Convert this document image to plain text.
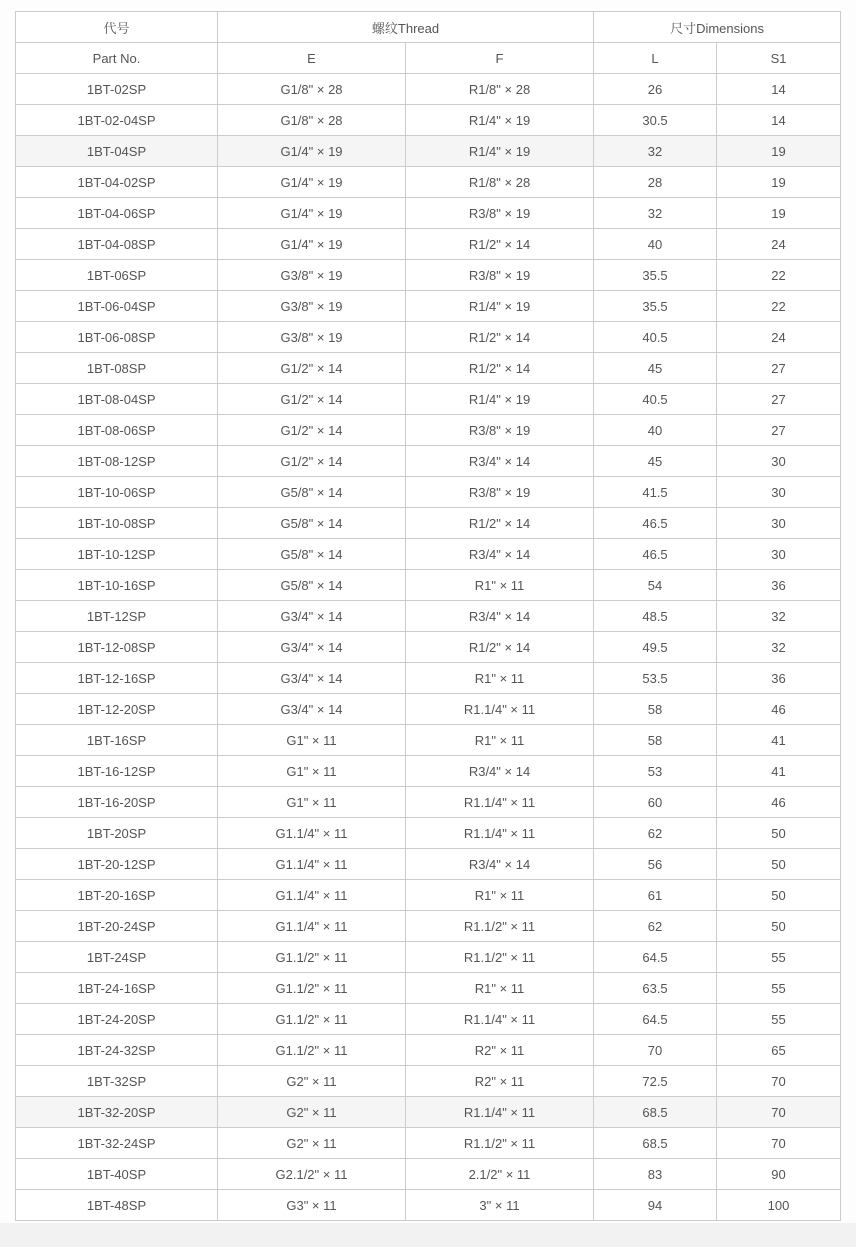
代号	螺纹Thread		尺寸Dimensions	
Part No.	E	F	L	S1
1BT-02SP	G1/8" × 28	R1/8" × 28	26	14
1BT-02-04SP	G1/8" × 28	R1/4" × 19	30.5	14
1BT-04SP	G1/4" × 19	R1/4" × 19	32	19
1BT-04-02SP	G1/4" × 19	R1/8" × 28	28	19
1BT-04-06SP	G1/4" × 19	R3/8" × 19	32	19
1BT-04-08SP	G1/4" × 19	R1/2" × 14	40	24
1BT-06SP	G3/8" × 19	R3/8" × 19	35.5	22
1BT-06-04SP	G3/8" × 19	R1/4" × 19	35.5	22
1BT-06-08SP	G3/8" × 19	R1/2" × 14	40.5	24
1BT-08SP	G1/2" × 14	R1/2" × 14	45	27
1BT-08-04SP	G1/2" × 14	R1/4" × 19	40.5	27
1BT-08-06SP	G1/2" × 14	R3/8" × 19	40	27
1BT-08-12SP	G1/2" × 14	R3/4" × 14	45	30
1BT-10-06SP	G5/8" × 14	R3/8" × 19	41.5	30
1BT-10-08SP	G5/8" × 14	R1/2" × 14	46.5	30
1BT-10-12SP	G5/8" × 14	R3/4" × 14	46.5	30
1BT-10-16SP	G5/8" × 14	R1" × 11	54	36
1BT-12SP	G3/4" × 14	R3/4" × 14	48.5	32
1BT-12-08SP	G3/4" × 14	R1/2" × 14	49.5	32
1BT-12-16SP	G3/4" × 14	R1" × 11	53.5	36
1BT-12-20SP	G3/4" × 14	R1.1/4" × 11	58	46
1BT-16SP	G1" × 11	R1" × 11	58	41
1BT-16-12SP	G1" × 11	R3/4" × 14	53	41
1BT-16-20SP	G1" × 11	R1.1/4" × 11	60	46
1BT-20SP	G1.1/4" × 11	R1.1/4" × 11	62	50
1BT-20-12SP	G1.1/4" × 11	R3/4" × 14	56	50
1BT-20-16SP	G1.1/4" × 11	R1" × 11	61	50
1BT-20-24SP	G1.1/4" × 11	R1.1/2" × 11	62	50
1BT-24SP	G1.1/2" × 11	R1.1/2" × 11	64.5	55
1BT-24-16SP	G1.1/2" × 11	R1" × 11	63.5	55
1BT-24-20SP	G1.1/2" × 11	R1.1/4" × 11	64.5	55
1BT-24-32SP	G1.1/2" × 11	R2" × 11	70	65
1BT-32SP	G2" × 11	R2" × 11	72.5	70
1BT-32-20SP	G2" × 11	R1.1/4" × 11	68.5	70
1BT-32-24SP	G2" × 11	R1.1/2" × 11	68.5	70
1BT-40SP	G2.1/2" × 11	2.1/2" × 11	83	90
1BT-48SP	G3" × 11	3" × 11	94	100
